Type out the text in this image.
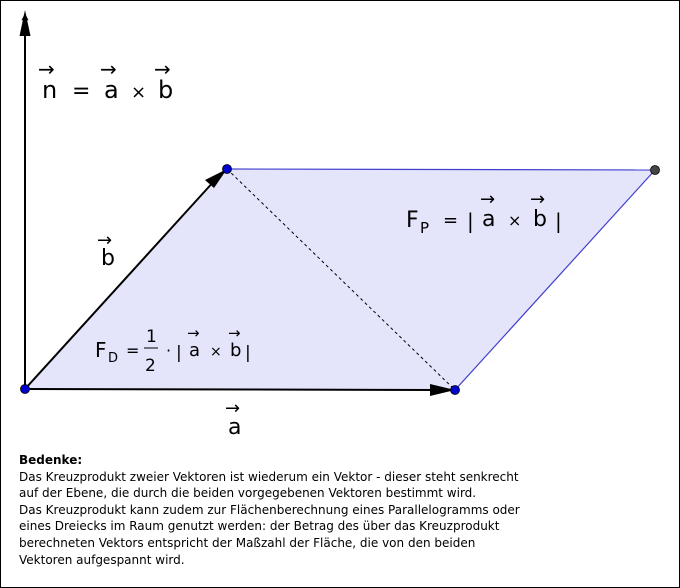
→
n =
→
a ×
→
b
→
b
→
a
F P = |
→
a ×
→
b |
F D =
1
2
· |
→
a ×
→
b |
Bedenke:
Das Kreuzprodukt zweier Vektoren ist wiederum ein Vektor - dieser steht senkrecht
auf der Ebene, die durch die beiden vorgegebenen Vektoren bestimmt wird.
Das Kreuzprodukt kann zudem zur Flächenberechnung eines Parallelogramms oder
eines Dreiecks im Raum genutzt werden: der Betrag des über das Kreuzprodukt
berechneten Vektors entspricht der Maßzahl der Fläche, die von den beiden
Vektoren aufgespannt wird.
